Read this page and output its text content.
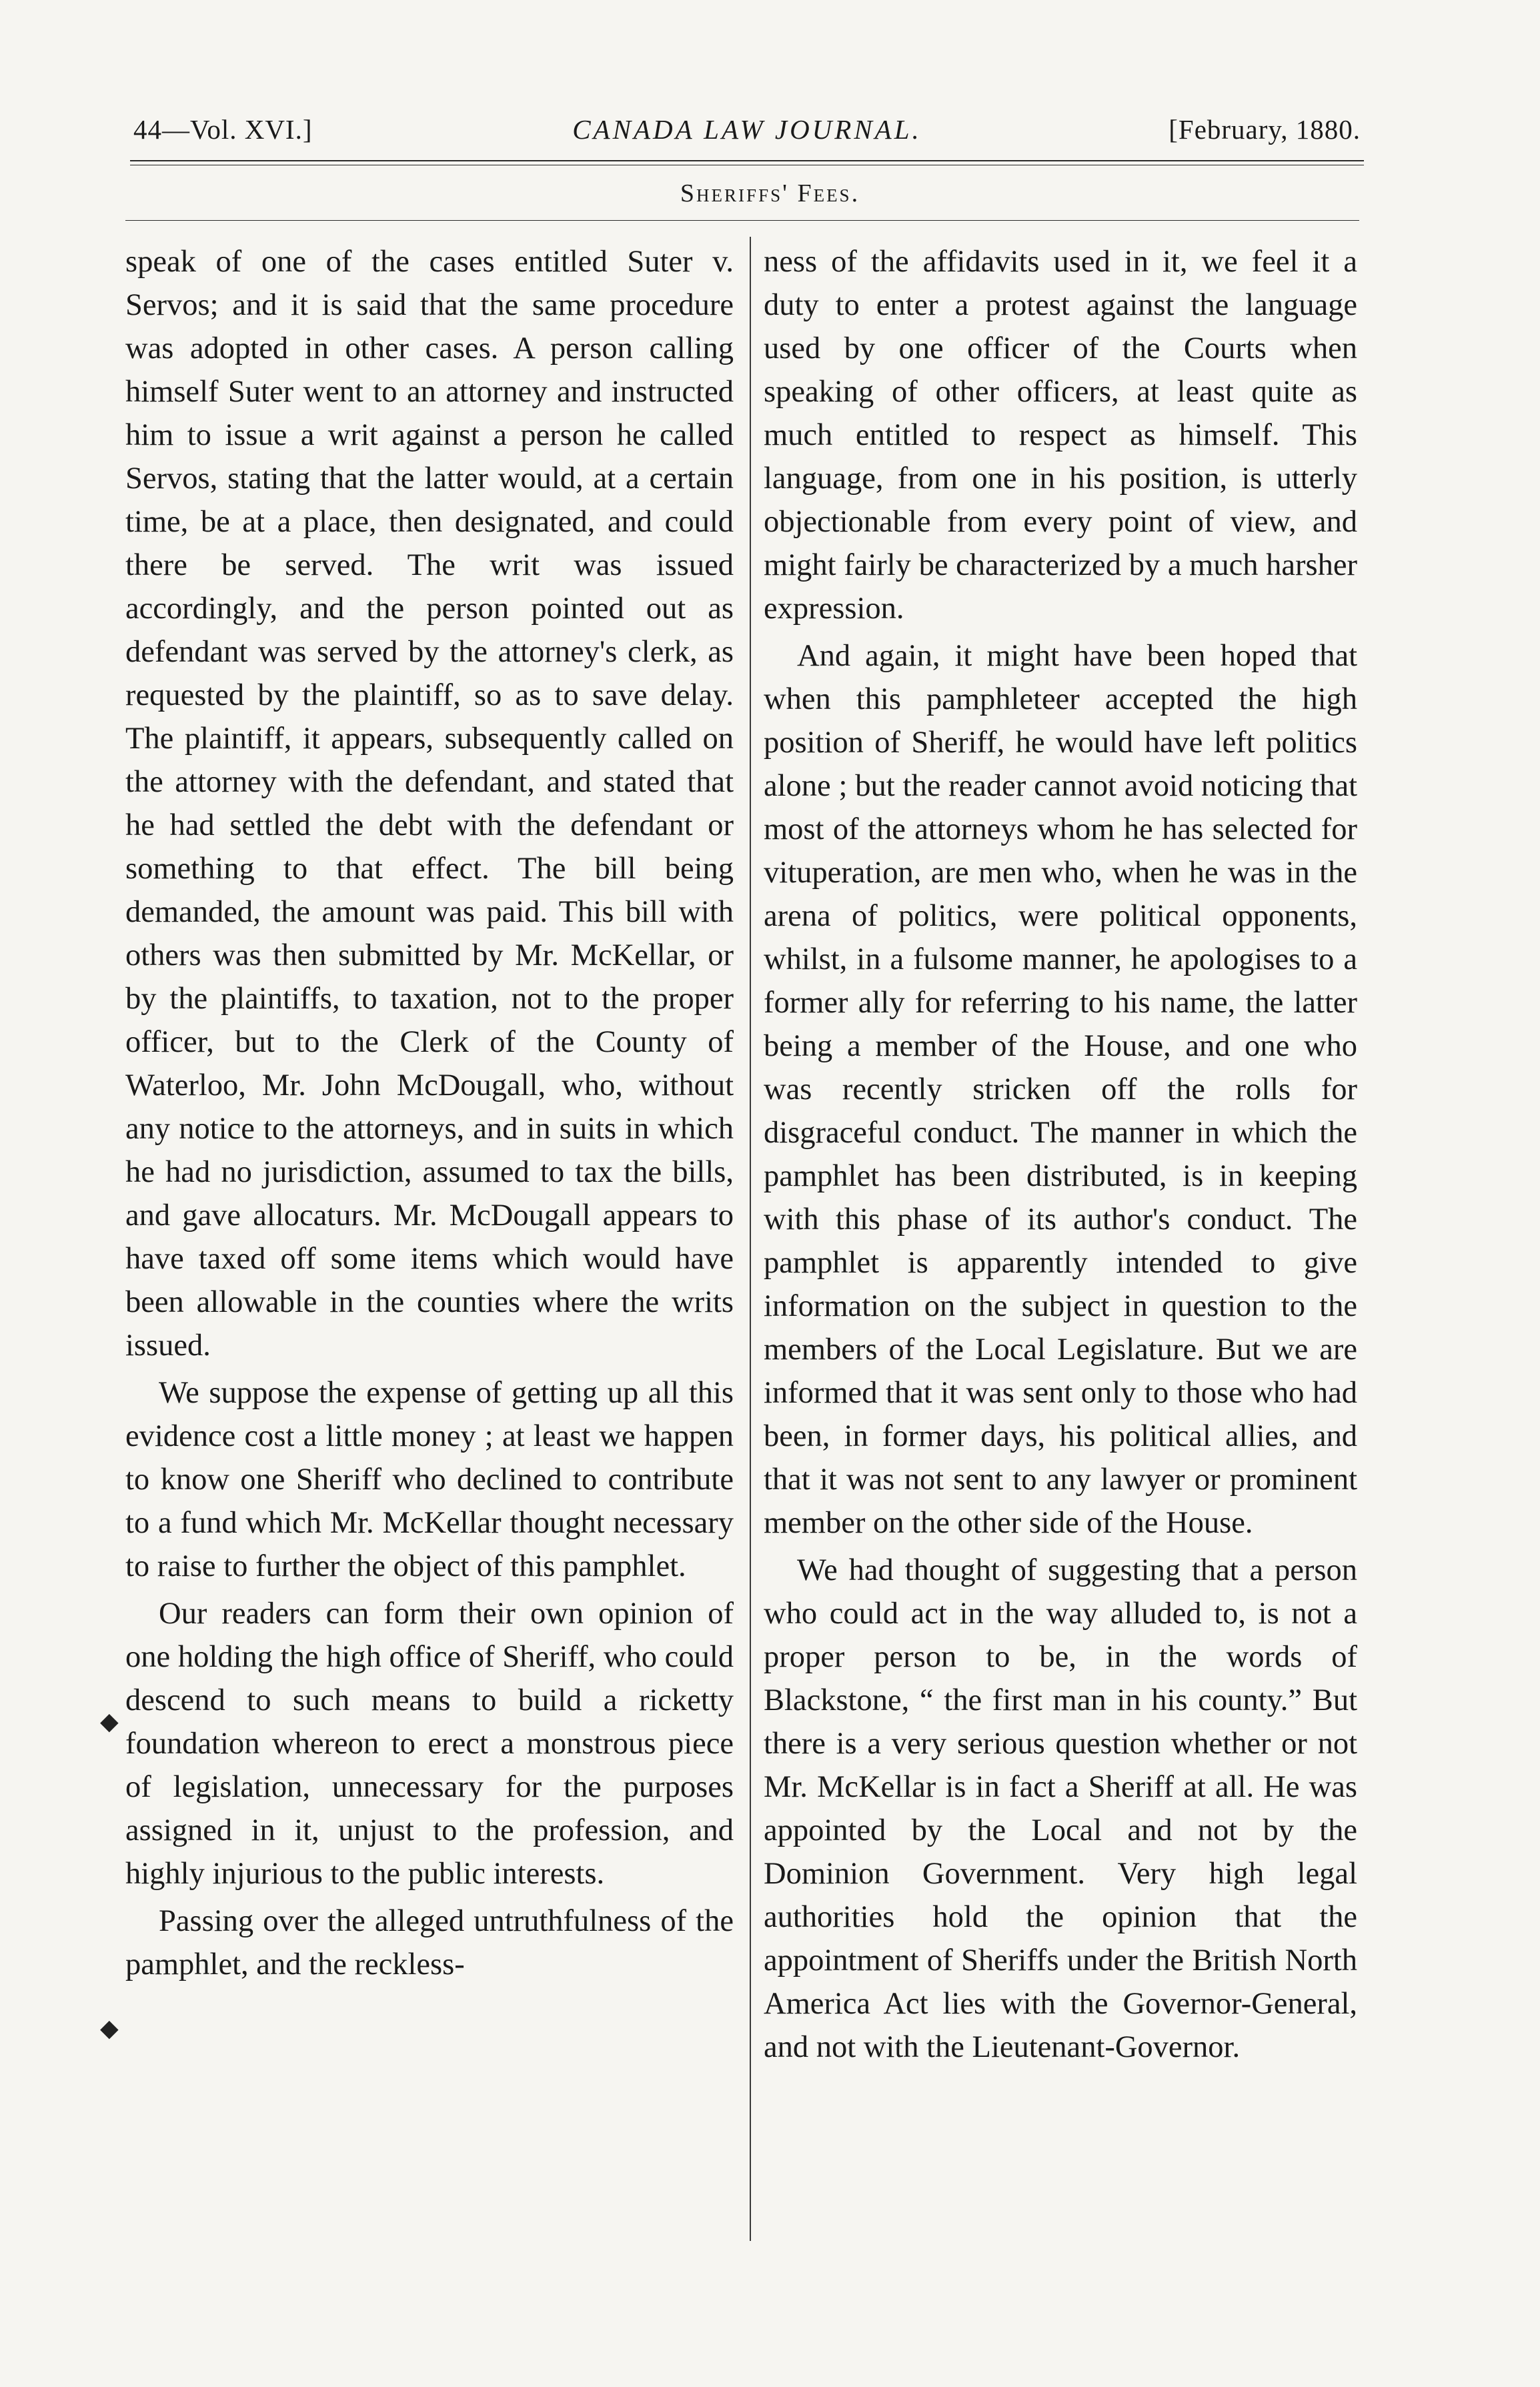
44—Vol. XVI.]	CANADA LAW JOURNAL.	[February, 1880.
Sheriffs' Fees.

speak of one of the cases entitled Suter v. Servos; and it is said that the same procedure was adopted in other cases. A person calling himself Suter went to an attorney and instructed him to issue a writ against a person he called Servos, stating that the latter would, at a certain time, be at a place, then designated, and could there be served. The writ was issued accordingly, and the person pointed out as defendant was served by the attorney's clerk, as requested by the plaintiff, so as to save delay. The plaintiff, it appears, subsequently called on the attorney with the defendant, and stated that he had settled the debt with the defendant or something to that effect. The bill being demanded, the amount was paid. This bill with others was then submitted by Mr. McKellar, or by the plaintiffs, to taxation, not to the proper officer, but to the Clerk of the County of Waterloo, Mr. John McDougall, who, without any notice to the attorneys, and in suits in which he had no jurisdiction, assumed to tax the bills, and gave allocaturs. Mr. McDougall appears to have taxed off some items which would have been allowable in the counties where the writs issued.

We suppose the expense of getting up all this evidence cost a little money ; at least we happen to know one Sheriff who declined to contribute to a fund which Mr. McKellar thought necessary to raise to further the object of this pamphlet.

Our readers can form their own opinion of one holding the high office of Sheriff, who could descend to such means to build a ricketty foundation whereon to erect a monstrous piece of legislation, unnecessary for the purposes assigned in it, unjust to the profession, and highly injurious to the public interests.

Passing over the alleged untruthfulness of the pamphlet, and the reckless-

ness of the affidavits used in it, we feel it a duty to enter a protest against the language used by one officer of the Courts when speaking of other officers, at least quite as much entitled to respect as himself. This language, from one in his position, is utterly objectionable from every point of view, and might fairly be characterized by a much harsher expression.

And again, it might have been hoped that when this pamphleteer accepted the high position of Sheriff, he would have left politics alone ; but the reader cannot avoid noticing that most of the attorneys whom he has selected for vituperation, are men who, when he was in the arena of politics, were political opponents, whilst, in a fulsome manner, he apologises to a former ally for referring to his name, the latter being a member of the House, and one who was recently stricken off the rolls for disgraceful conduct. The manner in which the pamphlet has been distributed, is in keeping with this phase of its author's conduct. The pamphlet is apparently intended to give information on the subject in question to the members of the Local Legislature. But we are informed that it was sent only to those who had been, in former days, his political allies, and that it was not sent to any lawyer or prominent member on the other side of the House.

We had thought of suggesting that a person who could act in the way alluded to, is not a proper person to be, in the words of Blackstone, “ the first man in his county.” But there is a very serious question whether or not Mr. McKellar is in fact a Sheriff at all. He was appointed by the Local and not by the Dominion Government. Very high legal authorities hold the opinion that the appointment of Sheriffs under the British North America Act lies with the Governor-General, and not with the Lieutenant-Governor.

◆
◆
